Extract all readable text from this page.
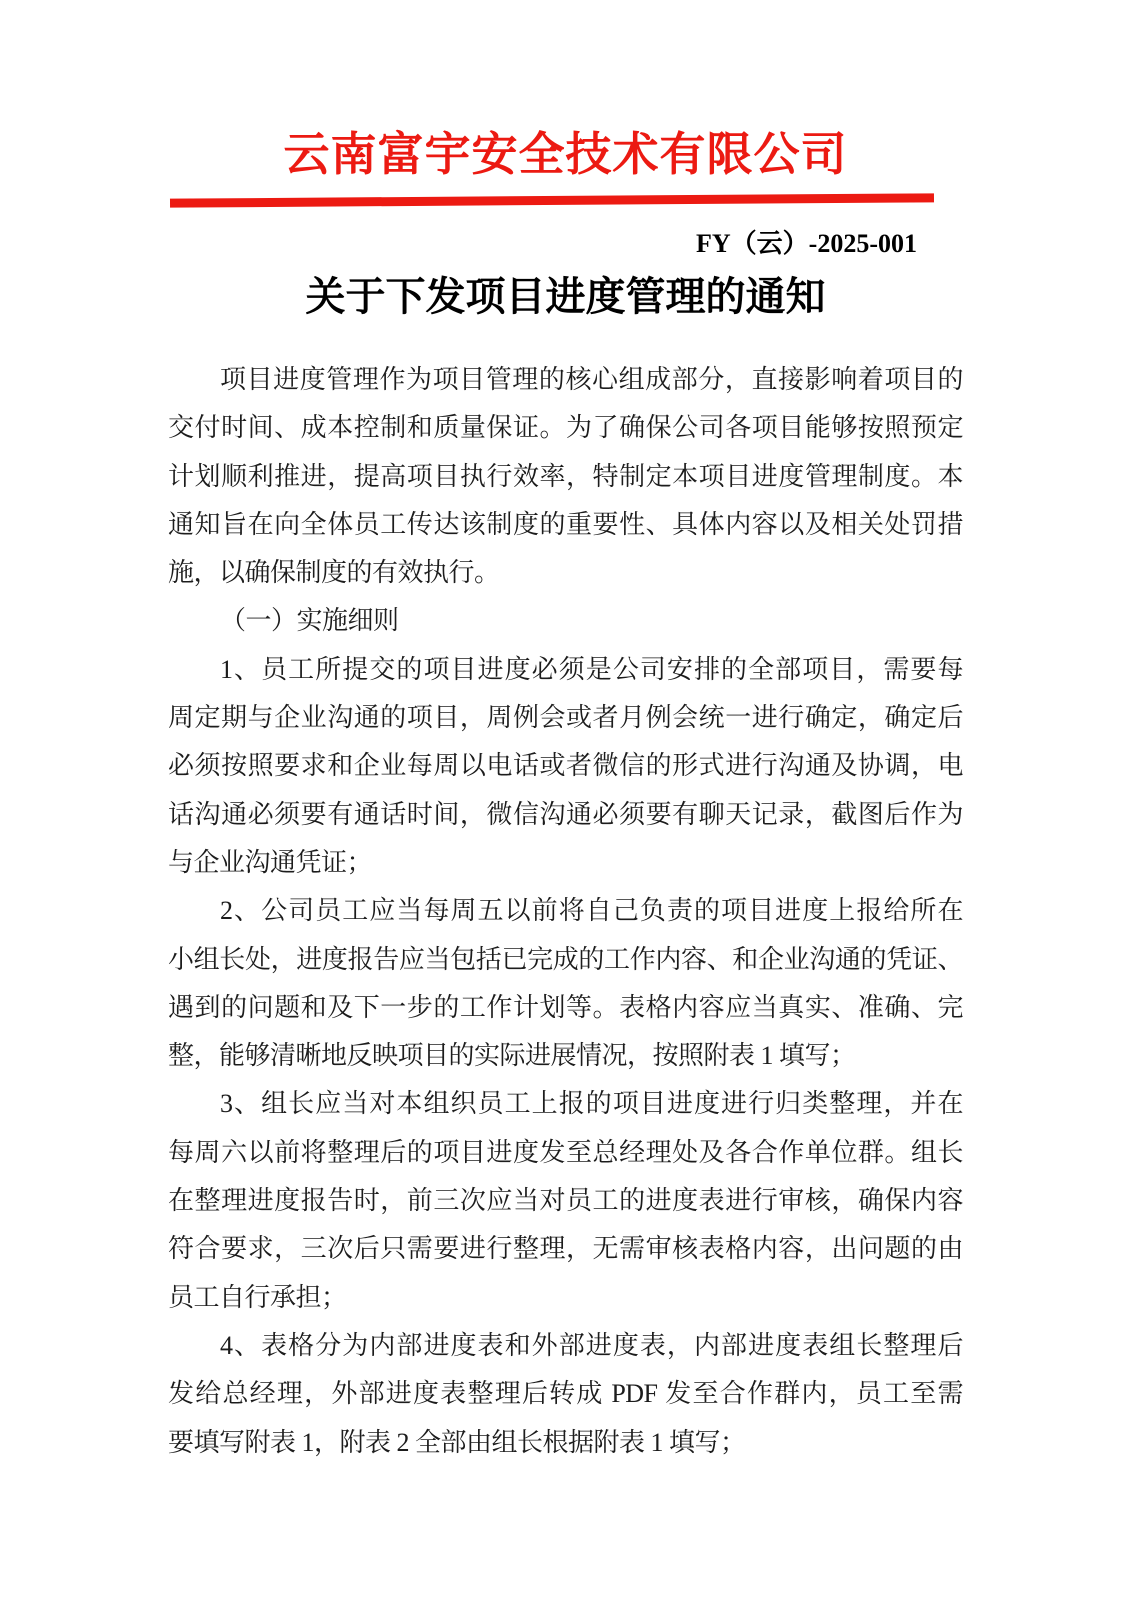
云南富宇安全技术有限公司
FY（云）-2025-001
关于下发项目进度管理的通知
项目进度管理作为项目管理的核心组成部分，直接影响着项目的
交付时间、成本控制和质量保证。为了确保公司各项目能够按照预定
计划顺利推进，提高项目执行效率，特制定本项目进度管理制度。本
通知旨在向全体员工传达该制度的重要性、具体内容以及相关处罚措
施，以确保制度的有效执行。
（一）实施细则
1、员工所提交的项目进度必须是公司安排的全部项目，需要每
周定期与企业沟通的项目，周例会或者月例会统一进行确定，确定后
必须按照要求和企业每周以电话或者微信的形式进行沟通及协调，电
话沟通必须要有通话时间，微信沟通必须要有聊天记录，截图后作为
与企业沟通凭证；
2、公司员工应当每周五以前将自己负责的项目进度上报给所在
小组长处，进度报告应当包括已完成的工作内容、和企业沟通的凭证、
遇到的问题和及下一步的工作计划等。表格内容应当真实、准确、完
整，能够清晰地反映项目的实际进展情况，按照附表 1 填写；
3、组长应当对本组织员工上报的项目进度进行归类整理，并在
每周六以前将整理后的项目进度发至总经理处及各合作单位群。组长
在整理进度报告时，前三次应当对员工的进度表进行审核，确保内容
符合要求，三次后只需要进行整理，无需审核表格内容，出问题的由
员工自行承担；
4、表格分为内部进度表和外部进度表，内部进度表组长整理后
发给总经理，外部进度表整理后转成 PDF 发至合作群内，员工至需
要填写附表 1，附表 2 全部由组长根据附表 1 填写；
